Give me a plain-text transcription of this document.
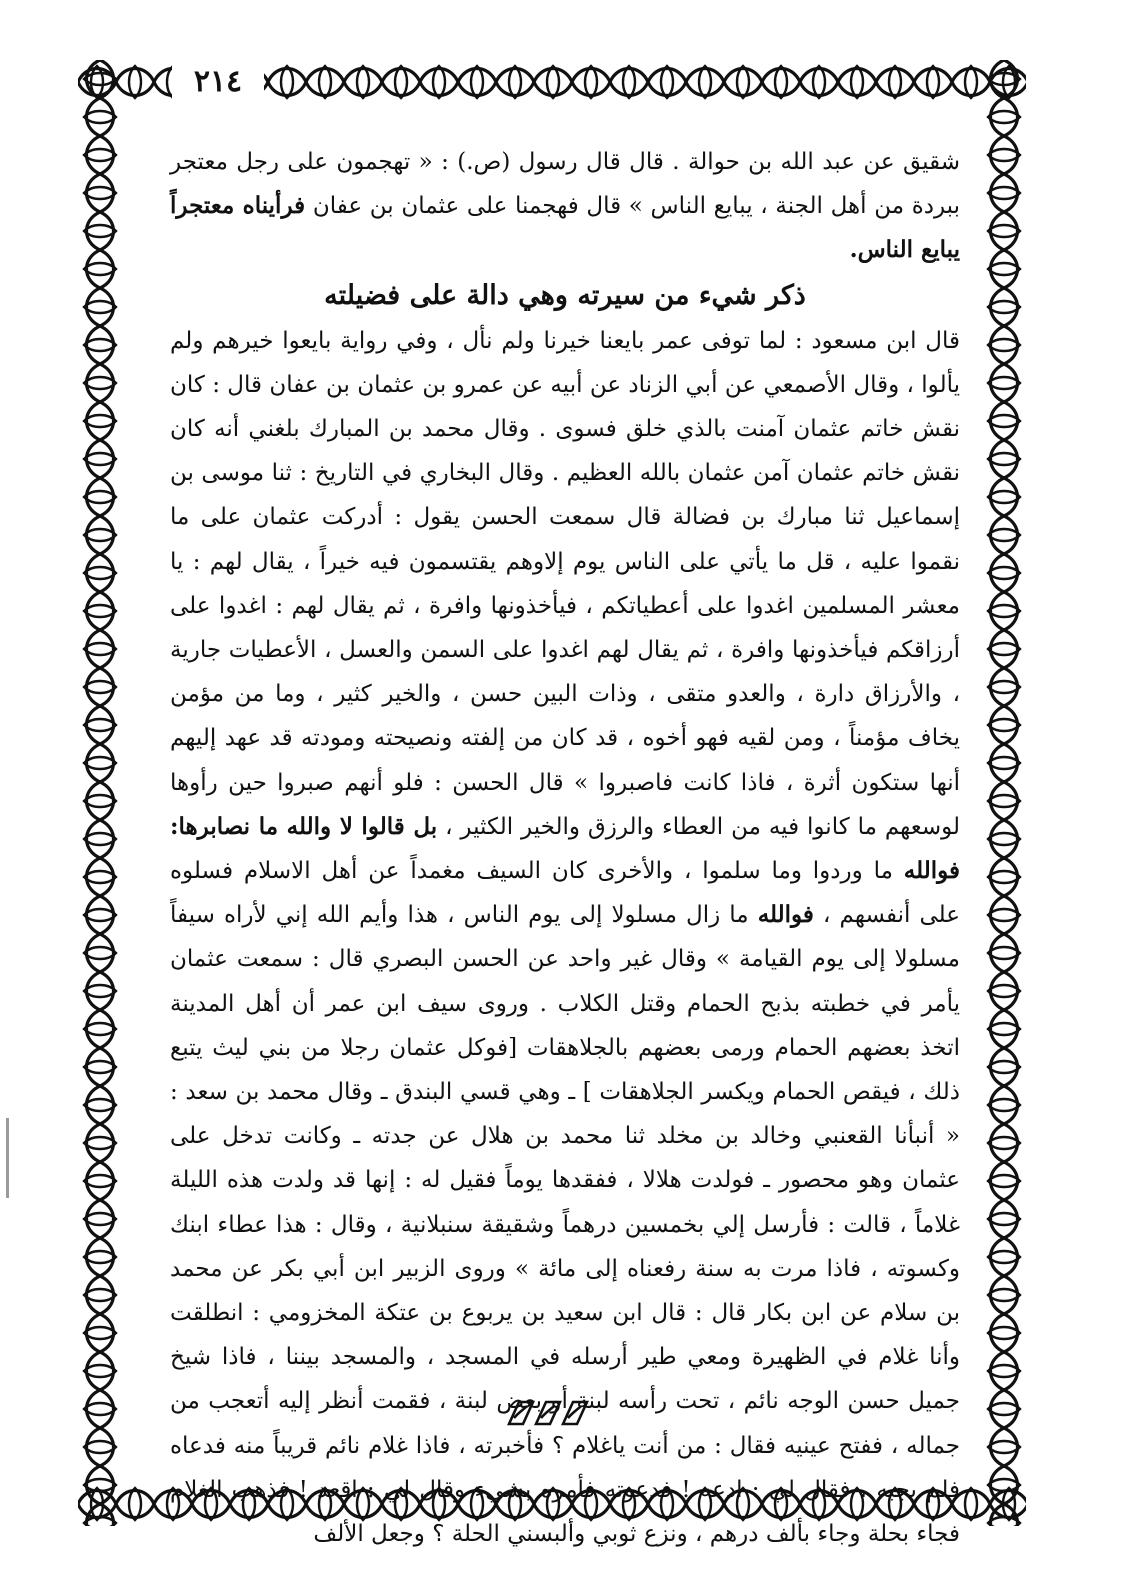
٢١٤

شقيق عن عبد الله بن حوالة . قال قال رسول (ص.) : « تهجمون على رجل معتجر ببردة من أهل الجنة ، يبايع الناس » قال فهجمنا على عثمان بن عفان فرأيناه معتجراً يبايع الناس.

ذكر شيء من سيرته وهي دالة على فضيلته

قال ابن مسعود : لما توفى عمر بايعنا خيرنا ولم نأل ، وفي رواية بايعوا خيرهم ولم يألوا ، وقال الأصمعي عن أبي الزناد عن أبيه عن عمرو بن عثمان بن عفان قال : كان نقش خاتم عثمان آمنت بالذي خلق فسوى . وقال محمد بن المبارك بلغني أنه كان نقش خاتم عثمان آمن عثمان بالله العظيم . وقال البخاري في التاريخ : ثنا موسى بن إسماعيل ثنا مبارك بن فضالة قال سمعت الحسن يقول : أدركت عثمان على ما نقموا عليه ، قل ما يأتي على الناس يوم إلاوهم يقتسمون فيه خيراً ، يقال لهم : يا معشر المسلمين اغدوا على أعطياتكم ، فيأخذونها وافرة ، ثم يقال لهم : اغدوا على أرزاقكم فيأخذونها وافرة ، ثم يقال لهم اغدوا على السمن والعسل ، الأعطيات جارية ، والأرزاق دارة ، والعدو متقى ، وذات البين حسن ، والخير كثير ، وما من مؤمن يخاف مؤمناً ، ومن لقيه فهو أخوه ، قد كان من إلفته ونصيحته ومودته قد عهد إليهم أنها ستكون أثرة ، فاذا كانت فاصبروا » قال الحسن : فلو أنهم صبروا حين رأوها لوسعهم ما كانوا فيه من العطاء والرزق والخير الكثير ، بل قالوا لا والله ما نصابرها: فوالله ما وردوا وما سلموا ، والأخرى كان السيف مغمداً عن أهل الاسلام فسلوه على أنفسهم ، فوالله ما زال مسلولا إلى يوم الناس ، هذا وأيم الله إني لأراه سيفاً مسلولا إلى يوم القيامة » وقال غير واحد عن الحسن البصري قال : سمعت عثمان يأمر في خطبته بذبح الحمام وقتل الكلاب . وروى سيف ابن عمر أن أهل المدينة اتخذ بعضهم الحمام ورمى بعضهم بالجلاهقات [فوكل عثمان رجلا من بني ليث يتبع ذلك ، فيقص الحمام ويكسر الجلاهقات ] ـ وهي قسي البندق ـ وقال محمد بن سعد : « أنبأنا القعنبي وخالد بن مخلد ثنا محمد بن هلال عن جدته ـ وكانت تدخل على عثمان وهو محصور ـ فولدت هلالا ، ففقدها يوماً فقيل له : إنها قد ولدت هذه الليلة غلاماً ، قالت : فأرسل إلي بخمسين درهماً وشقيقة سنبلانية ، وقال : هذا عطاء ابنك وكسوته ، فاذا مرت به سنة رفعناه إلى مائة » وروى الزبير ابن أبي بكر عن محمد بن سلام عن ابن بكار قال : قال ابن سعيد بن يربوع بن عتكة المخزومي : انطلقت وأنا غلام في الظهيرة ومعي طير أرسله في المسجد ، والمسجد بيننا ، فاذا شيخ جميل حسن الوجه نائم ، تحت رأسه لبنة أو بعض لبنة ، فقمت أنظر إليه أتعجب من جماله ، ففتح عينيه فقال : من أنت ياغلام ؟ فأخبرته ، فاذا غلام نائم قريباً منه فدعاه فلم يجبه ، فقال لي : ادعه ! فدعوته فأمره بشيء وقال لي : اقعد ! فذهب الغلام فجاء بحلة وجاء بألف درهم ، ونزع ثوبي وألبسني الحلة ؟ وجعل الألف
